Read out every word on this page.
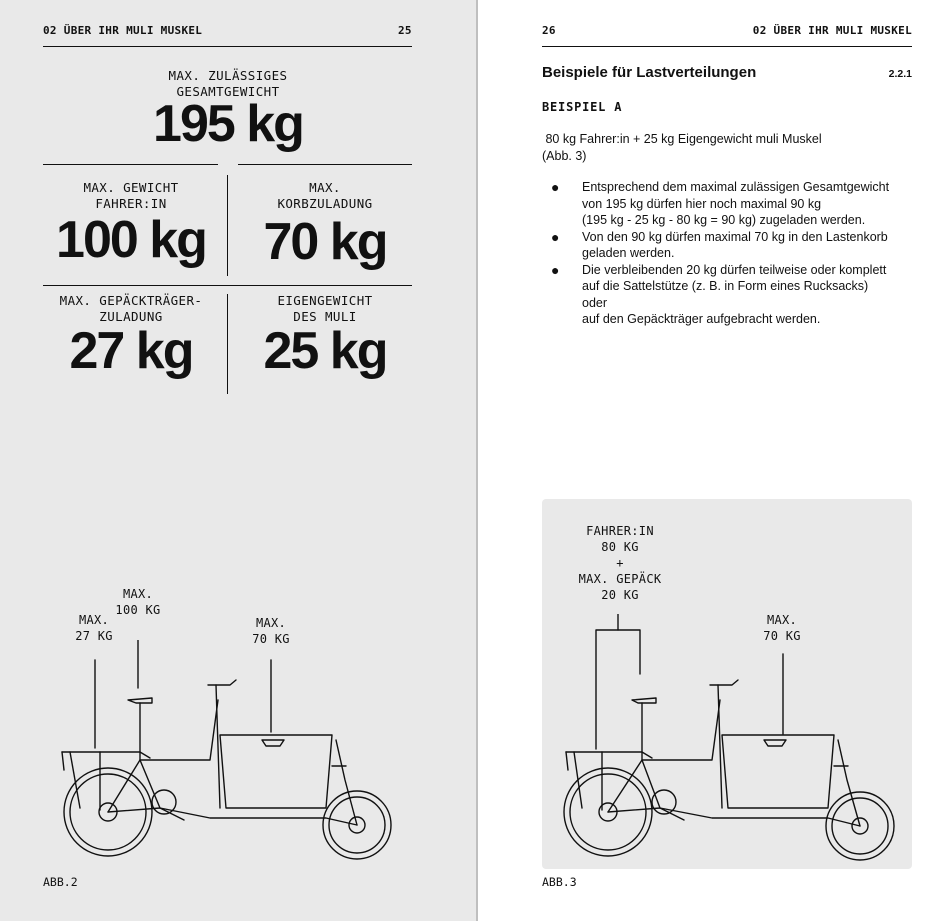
02 ÜBER IHR MULI MUSKEL	25
MAX. ZULÄSSIGES
GESAMTGEWICHT
195 kg
MAX. GEWICHT
FAHRER:IN
100 kg
MAX.
KORBZULADUNG
70 kg
MAX. GEPÄCKTRÄGER-
ZULADUNG
27 kg
EIGENGEWICHT
DES MULI
25 kg
MAX.
27 KG
MAX.
100 KG
MAX.
70 KG
ABB.2
26	02 ÜBER IHR MULI MUSKEL
Beispiele für Lastverteilungen	2.2.1
BEISPIEL A
80 kg Fahrer:in + 25 kg Eigengewicht muli Muskel
(Abb. 3)
● Entsprechend dem maximal zulässigen Gesamtgewicht
von 195 kg dürfen hier noch maximal 90 kg
(195 kg - 25 kg - 80 kg = 90 kg) zugeladen werden.
● Von den 90 kg dürfen maximal 70 kg in den Lastenkorb
geladen werden.
● Die verbleibenden 20 kg dürfen teilweise oder komplett
auf die Sattelstütze (z. B. in Form eines Rucksacks) oder
auf den Gepäckträger aufgebracht werden.
FAHRER:IN
80 KG
+
MAX. GEPÄCK
20 KG
MAX.
70 KG
ABB.3
